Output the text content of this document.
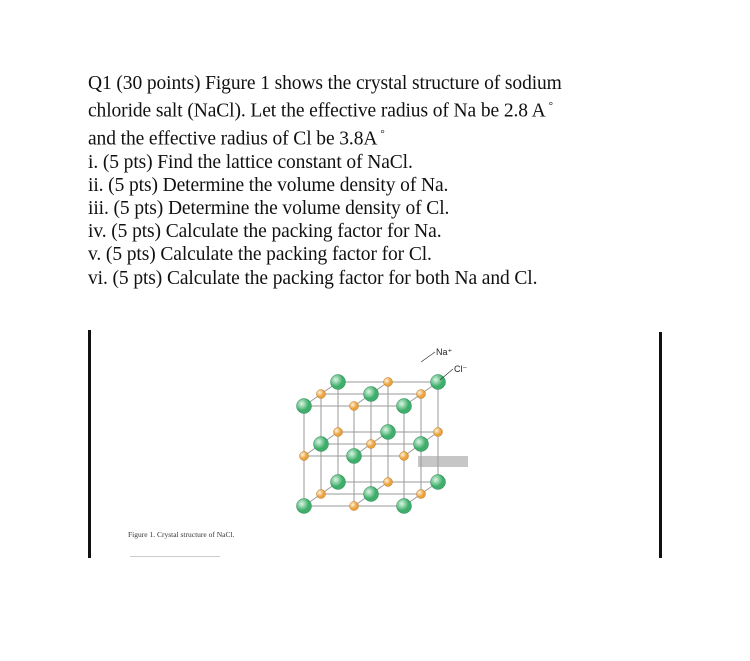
Q1 (30 points) Figure 1 shows the crystal structure of sodium
chloride salt (NaCl). Let the effective radius of Na be 2.8 A °
and the effective radius of Cl be 3.8A °
i. (5 pts) Find the lattice constant of NaCl.
ii. (5 pts) Determine the volume density of Na.
iii. (5 pts) Determine the volume density of Cl.
iv. (5 pts) Calculate the packing factor for Na.
v. (5 pts) Calculate the packing factor for Cl.
vi. (5 pts) Calculate the packing factor for both Na and Cl.
Na⁺
Cl⁻
Figure 1. Crystal structure of NaCl.
